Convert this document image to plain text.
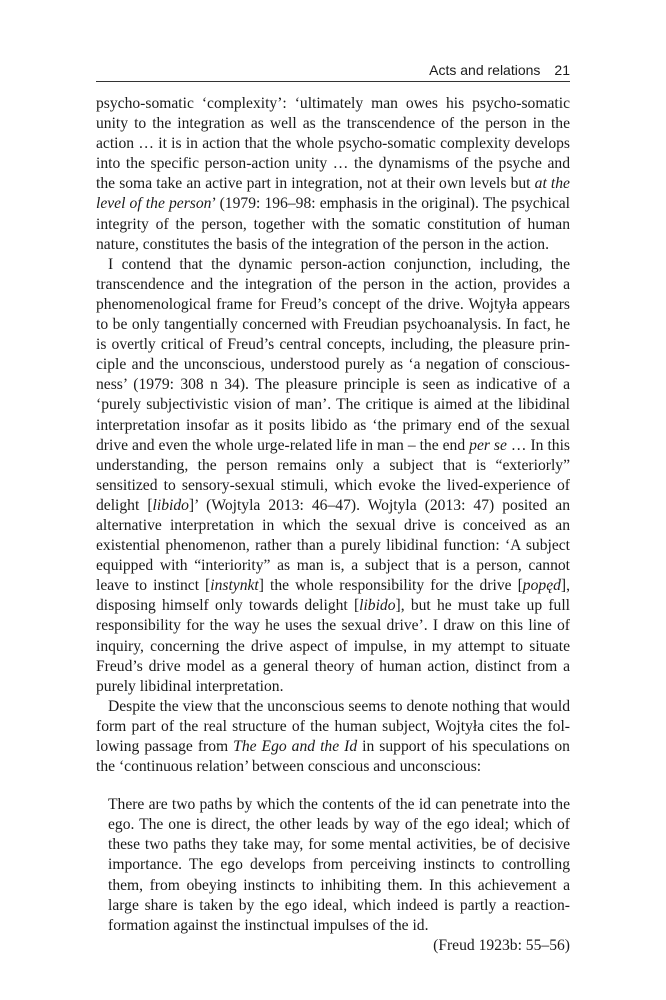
Acts and relations 21

psycho-somatic ‘complexity’: ‘ultimately man owes his psycho-somatic unity to the integration as well as the transcendence of the person in the action … it is in action that the whole psycho-somatic complexity develops into the specific person-action unity … the dynamisms of the psyche and the soma take an active part in integration, not at their own levels but at the level of the person’ (1979: 196–98: emphasis in the original). The psychical integrity of the person, together with the somatic constitution of human nature, constitutes the basis of the integration of the person in the action.

I contend that the dynamic person-action conjunction, including, the transcendence and the integration of the person in the action, provides a phenomenological frame for Freud’s concept of the drive. Wojtyła appears to be only tangentially concerned with Freudian psychoanalysis. In fact, he is overtly critical of Freud’s central concepts, including, the pleasure principle and the unconscious, understood purely as ‘a negation of consciousness’ (1979: 308 n 34). The pleasure principle is seen as indicative of a ‘purely subjectivistic vision of man’. The critique is aimed at the libidinal interpretation insofar as it posits libido as ‘the primary end of the sexual drive and even the whole urge-related life in man – the end per se … In this understanding, the person remains only a subject that is “exteriorly” sensitized to sensory-sexual stimuli, which evoke the lived-experience of delight [libido]’ (Wojtyla 2013: 46–47). Wojtyla (2013: 47) posited an alternative interpretation in which the sexual drive is conceived as an existential phenomenon, rather than a purely libidinal function: ‘A subject equipped with “interiority” as man is, a subject that is a person, cannot leave to instinct [instynkt] the whole responsibility for the drive [popęd], disposing himself only towards delight [libido], but he must take up full responsibility for the way he uses the sexual drive’. I draw on this line of inquiry, concerning the drive aspect of impulse, in my attempt to situate Freud’s drive model as a general theory of human action, distinct from a purely libidinal interpretation.

Despite the view that the unconscious seems to denote nothing that would form part of the real structure of the human subject, Wojtyła cites the following passage from The Ego and the Id in support of his speculations on the ‘continuous relation’ between conscious and unconscious:

There are two paths by which the contents of the id can penetrate into the ego. The one is direct, the other leads by way of the ego ideal; which of these two paths they take may, for some mental activities, be of decisive importance. The ego develops from perceiving instincts to controlling them, from obeying instincts to inhibiting them. In this achievement a large share is taken by the ego ideal, which indeed is partly a reaction-formation against the instinctual impulses of the id.

(Freud 1923b: 55–56)
